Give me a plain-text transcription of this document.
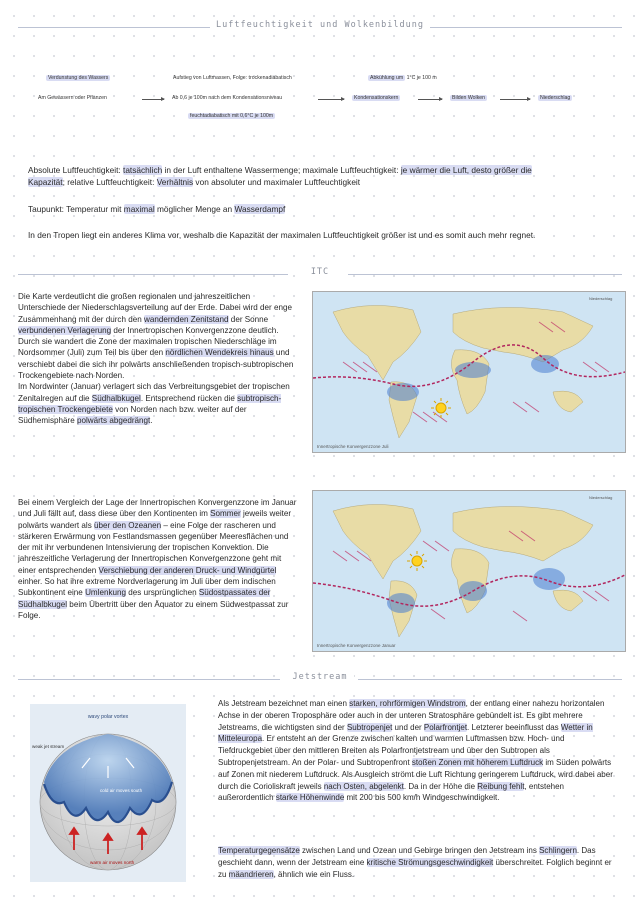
Luftfeuchtigkeit und Wolkenbildung
Verdunstung des Wassers	Aufstieg von Luftmassen, Folge: trockenadiabatisch	Abkühlung um 1°C je 100 m
Am Gewässern oder Pflanzen	Ab 0,6 je 100m nach dem Kondensationsniveau	Kondensationskern	Bilden Wolken	Niederschlag
feuchtadiabatisch mit 0,6°C je 100m
Absolute Luftfeuchtigkeit: tatsächlich in der Luft enthaltene Wassermenge; maximale Luftfeuchtigkeit: je wärmer die Luft, desto größer die
Kapazität; relative Luftfeuchtigkeit: Verhältnis von absoluter und maximaler Luftfeuchtigkeit
Taupunkt: Temperatur mit maximal möglicher Menge an Wasserdampf
In den Tropen liegt ein anderes Klima vor, weshalb die Kapazität der maximalen Luftfeuchtigkeit größer ist und es somit auch mehr regnet.
ITC
Die Karte verdeutlicht die großen regionalen und jahreszeitlichen Unterschiede der Niederschlagsverteilung auf der Erde. Dabei wird der enge Zusammenhang mit der durch den wandernden Zenitstand der Sonne verbundenen Verlagerung der Innertropischen Konvergenzzone deutlich.
Durch sie wandert die Zone der maximalen tropischen Niederschläge im Nordsommer (Juli) zum Teil bis über den nördlichen Wendekreis hinaus und verschiebt dabei die sich ihr polwärts anschließenden tropisch-subtropischen Trockengebiete nach Norden.
Im Nordwinter (Januar) verlagert sich das Verbreitungsgebiet der tropischen Zenitalregen auf die Südhalbkugel. Entsprechend rücken die subtropisch-tropischen Trockengebiete von Norden nach bzw. weiter auf der Südhemisphäre polwärts abgedrängt.
Bei einem Vergleich der Lage der Innertropischen Konvergenzzone im Januar und Juli fällt auf, dass diese über den Kontinenten im Sommer jeweils weiter polwärts wandert als über den Ozeanen – eine Folge der rascheren und stärkeren Erwärmung von Festlandsmassen gegenüber Meeresflächen und der mit ihr verbundenen Intensivierung der tropischen Konvektion. Die jahreszeitliche Verlagerung der Innertropischen Konvergenzzone geht mit einer entsprechenden Verschiebung der anderen Druck- und Windgürtel einher. So hat ihre extreme Nordverlagerung im Juli über dem indischen Subkontinent eine Umlenkung des ursprünglichen Südostpassates der Südhalbkugel beim Übertritt über den Äquator zu einem Südwestpassat zur Folge.
Innertropische Konvergenzzone Juli
Niederschlag
Innertropische Konvergenzzone Januar
Niederschlag
Jetstream
wavy polar vortex
weak jet stream
cold air moves south
warm air moves north
Als Jetstream bezeichnet man einen starken, rohrförmigen Windstrom, der entlang einer nahezu horizontalen Achse in der oberen Troposphäre oder auch in der unteren Stratosphäre gebündelt ist. Es gibt mehrere Jetstreams, die wichtigsten sind der Subtropenjet und der Polarfrontjet. Letzterer beeinflusst das Wetter in Mitteleuropa. Er entsteht an der Grenze zwischen kalten und warmen Luftmassen bzw. Hoch- und Tiefdruckgebiet über den mittleren Breiten als Polarfrontjetstream und über den Subtropen als Subtropenjetstream. An der Polar- und Subtropenfront stoßen Zonen mit höherem Luftdruck im Süden polwärts auf Zonen mit niederem Luftdruck. Als Ausgleich strömt die Luft Richtung geringerem Luftdruck, wird dabei aber durch die Corioliskraft jeweils nach Osten, abgelenkt. Da in der Höhe die Reibung fehlt, entstehen außerordentlich starke Höhenwinde mit 200 bis 500 km/h Windgeschwindigkeit.
Temperaturgegensätze zwischen Land und Ozean und Gebirge bringen den Jetstream ins Schlingern. Das geschieht dann, wenn der Jetstream eine kritische Strömungsgeschwindigkeit überschreitet. Folglich beginnt er zu mäandrieren, ähnlich wie ein Fluss.
